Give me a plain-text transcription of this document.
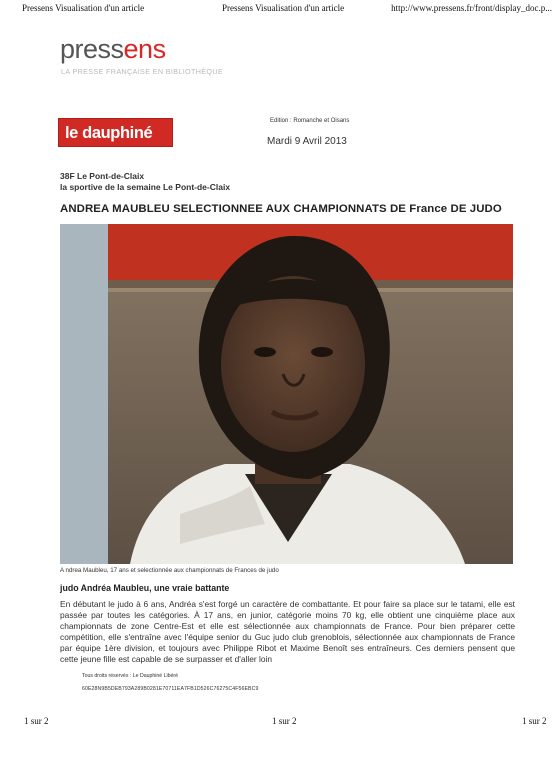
Pressens Visualisation d'un article	Pressens Visualisation d'un article	http://www.pressens.fr/front/display_doc.p...
pressens
LA PRESSE FRANÇAISE EN BIBLIOTHÈQUE
le dauphiné
Edition : Romanche et Oisans
Mardi 9 Avril 2013
38F Le Pont-de-Claix
la sportive de la semaine Le Pont-de-Claix
ANDREA MAUBLEU SELECTIONNEE AUX CHAMPIONNATS DE France DE JUDO
A ndrea Maubleu, 17 ans et selectionnée aux championnats de Frances de judo
judo Andréa Maubleu, une vraie battante
En débutant le judo à 6 ans, Andréa s'est forgé un caractère de combattante. Et pour faire sa place sur le tatami, elle est passée par toutes les catégories. À 17 ans, en junior, catégorie moins 70 kg, elle obtient une cinquième place aux championnats de zone Centre-Est et elle est sélectionnée aux championnats de France. Pour bien préparer cette compétition, elle s'entraîne avec l'équipe senior du Guc judo club grenoblois, sélectionnée aux championnats de France par équipe 1ère division, et toujours avec Philippe Ribot et Maxime Benoît ses entraîneurs. Ces derniers pensent que cette jeune fille est capable de se surpasser et d'aller loin
Tous droits réservés : Le Dauphiné Libéré
60E28N9B5DEB793A289B0281E70711EA7FB1D526C76275C4F56EBC9
1 sur 2	1 sur 2	1 sur 2
